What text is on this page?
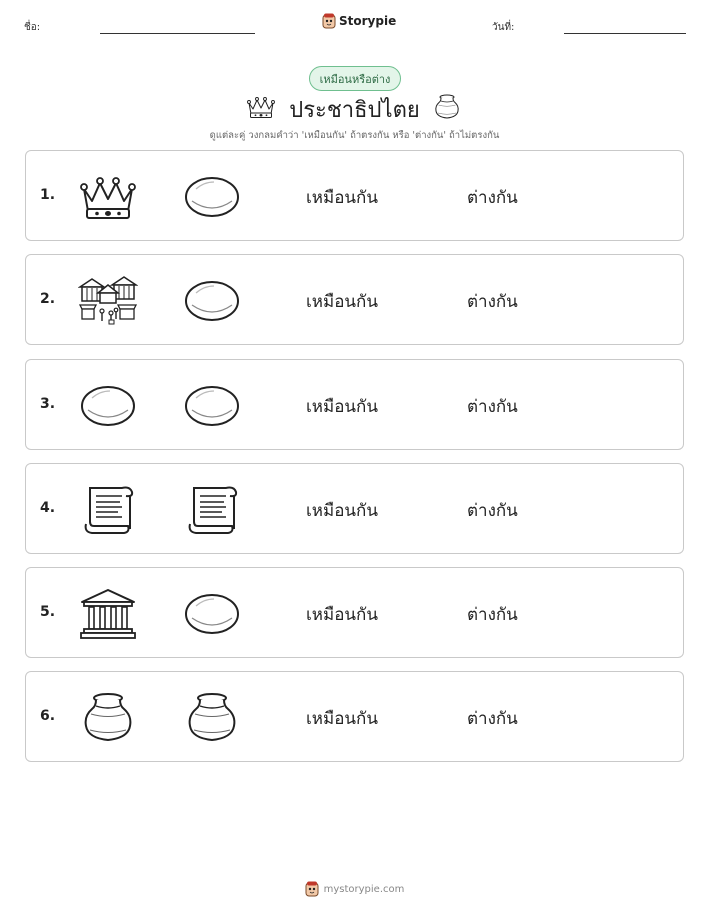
ชื่อ:	Storypie	วันที่:
เหมือนหรือต่าง
ประชาธิปไตย
ดูแต่ละคู่ วงกลมคำว่า 'เหมือนกัน' ถ้าตรงกัน หรือ 'ต่างกัน' ถ้าไม่ตรงกัน
1.	เหมือนกัน	ต่างกัน
2.	เหมือนกัน	ต่างกัน
3.	เหมือนกัน	ต่างกัน
4.	เหมือนกัน	ต่างกัน
5.	เหมือนกัน	ต่างกัน
6.	เหมือนกัน	ต่างกัน
mystorypie.com
